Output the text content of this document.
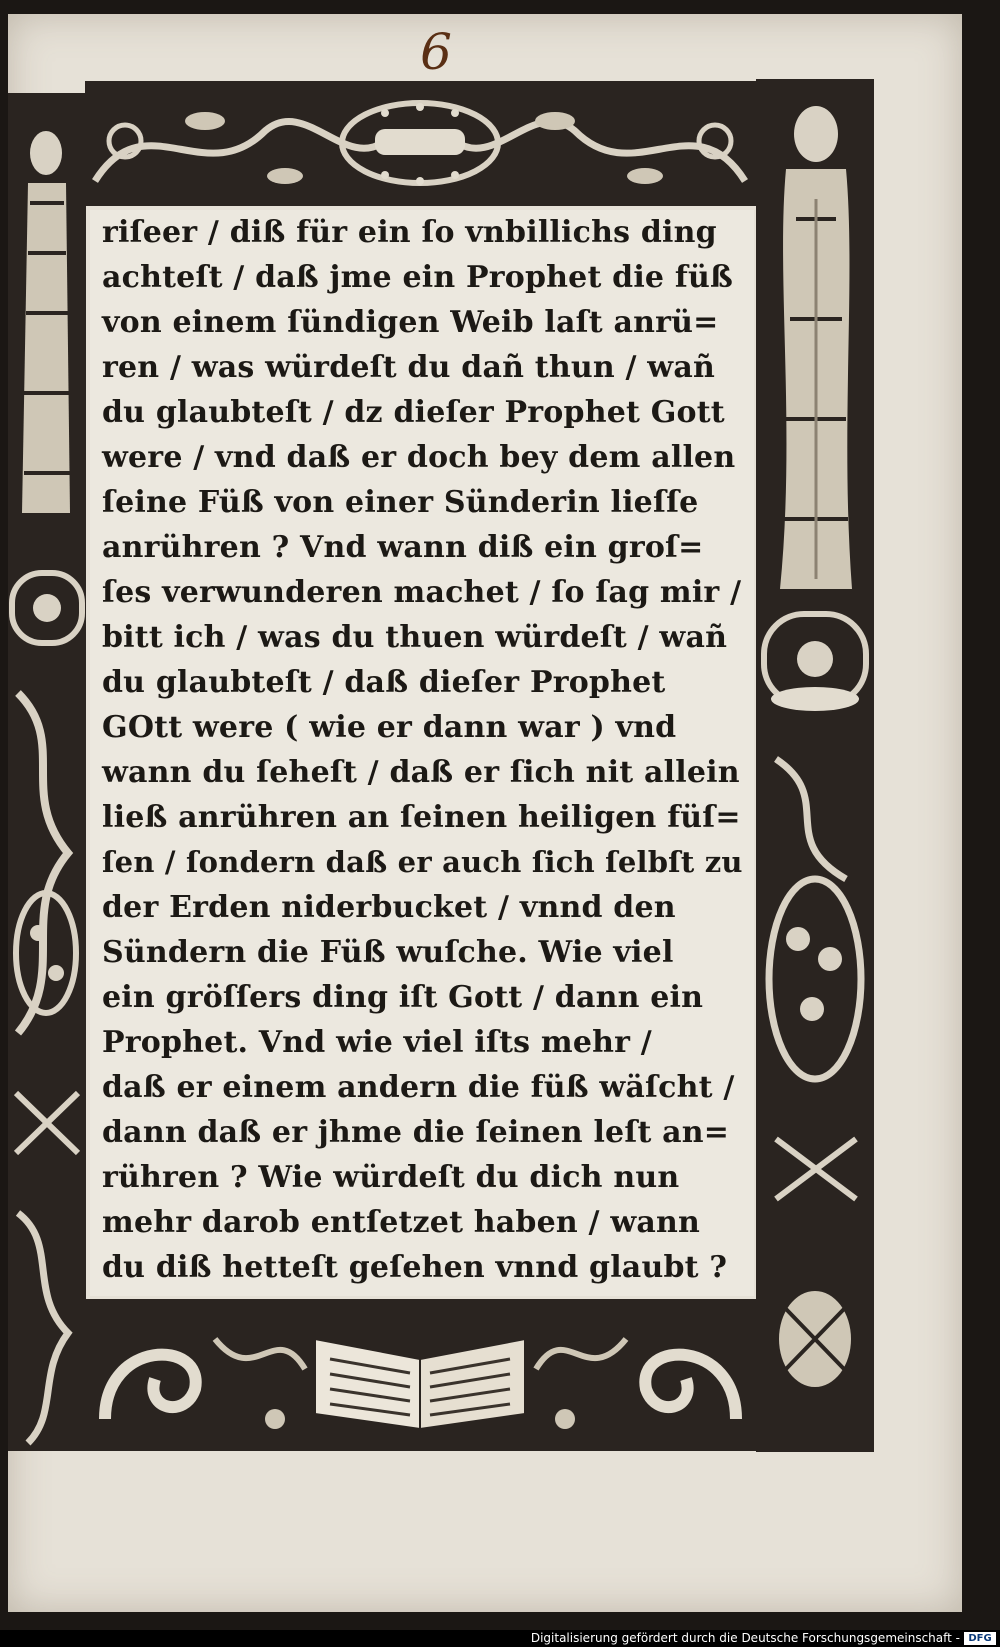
6
riſeer / diß für ein ſo vnbillichs ding
achteſt / daß jme ein Prophet die füß
von einem ſündigen Weib laſt anrü=
ren / was würdeſt du dañ thun / wañ
du glaubteſt / dz dieſer Prophet Gott
were / vnd daß er doch bey dem allen
ſeine Füß von einer Sünderin lieſſe
anrühren ? Vnd wann diß ein groſ=
ſes verwunderen machet / ſo ſag mir /
bitt ich / was du thuen würdeſt / wañ
du glaubteſt / daß dieſer Prophet
GOtt were ( wie er dann war ) vnd
wann du ſeheſt / daß er ſich nit allein
ließ anrühren an ſeinen heiligen füſ=
ſen / ſondern daß er auch ſich ſelbſt zu
der Erden niderbucket / vnnd den
Sündern die Füß wuſche. Wie viel
ein gröſſers ding iſt Gott / dann ein
Prophet. Vnd wie viel iſts mehr /
daß er einem andern die füß wäſcht /
dann daß er jhme die ſeinen leſt an=
rühren ? Wie würdeſt du dich nun
mehr darob entſetzet haben / wann
du diß hetteſt geſehen vnnd glaubt ?
Digitalisierung gefördert durch die Deutsche Forschungsgemeinschaft - DFG
